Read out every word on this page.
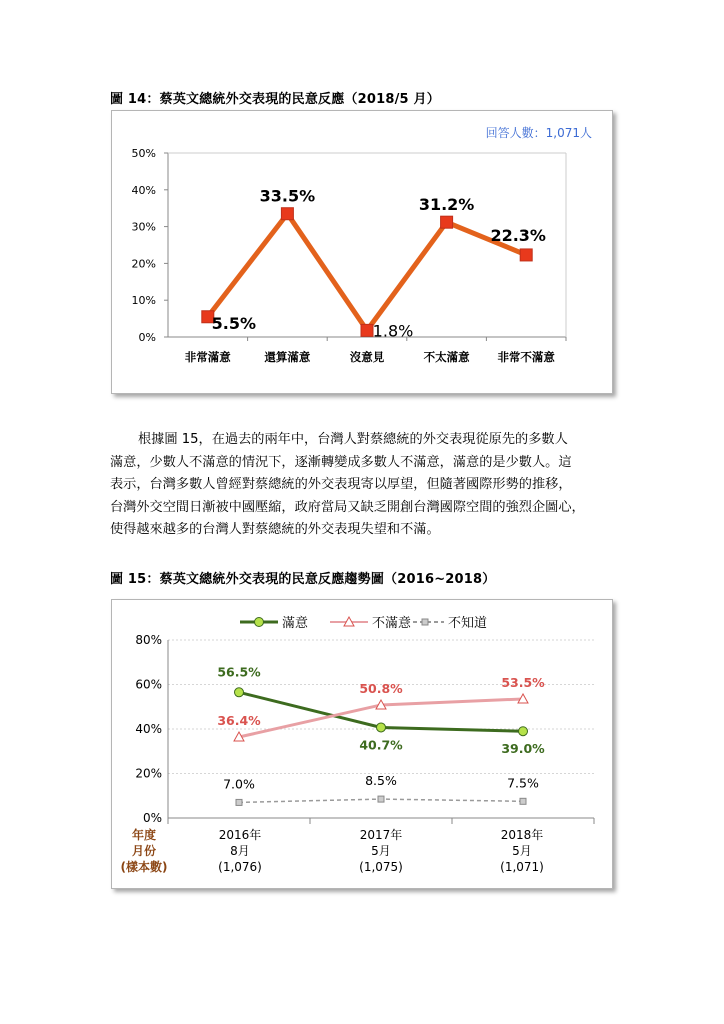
圖 14：蔡英文總統外交表現的民意反應（2018/5 月）
回答人數：1,071人
0%
10%
20%
30%
40%
50%
非常滿意	還算滿意	沒意見	不太滿意 非常不滿意
5.5%
33.5%
1.8%
31.2%
22.3%

根據圖 15，在過去的兩年中，台灣人對蔡總統的外交表現從原先的多數人

滿意，少數人不滿意的情況下，逐漸轉變成多數人不滿意，滿意的是少數人。這

表示，台灣多數人曾經對蔡總統的外交表現寄以厚望，但隨著國際形勢的推移，

台灣外交空間日漸被中國壓縮，政府當局又缺乏開創台灣國際空間的強烈企圖心，

使得越來越多的台灣人對蔡總統的外交表現失望和不滿。

圖 15：蔡英文總統外交表現的民意反應趨勢圖（2016~2018）
0%
20%
40%
60%
80%
滿意	不滿意	不知道
56.5%
40.7%	39.0%
36.4%
50.8%	53.5%
7.0%	8.5%	7.5%
年度
月份
(樣本數)
2016年
8月
(1,076)
2017年
5月
(1,075)
2018年
5月
(1,071)
